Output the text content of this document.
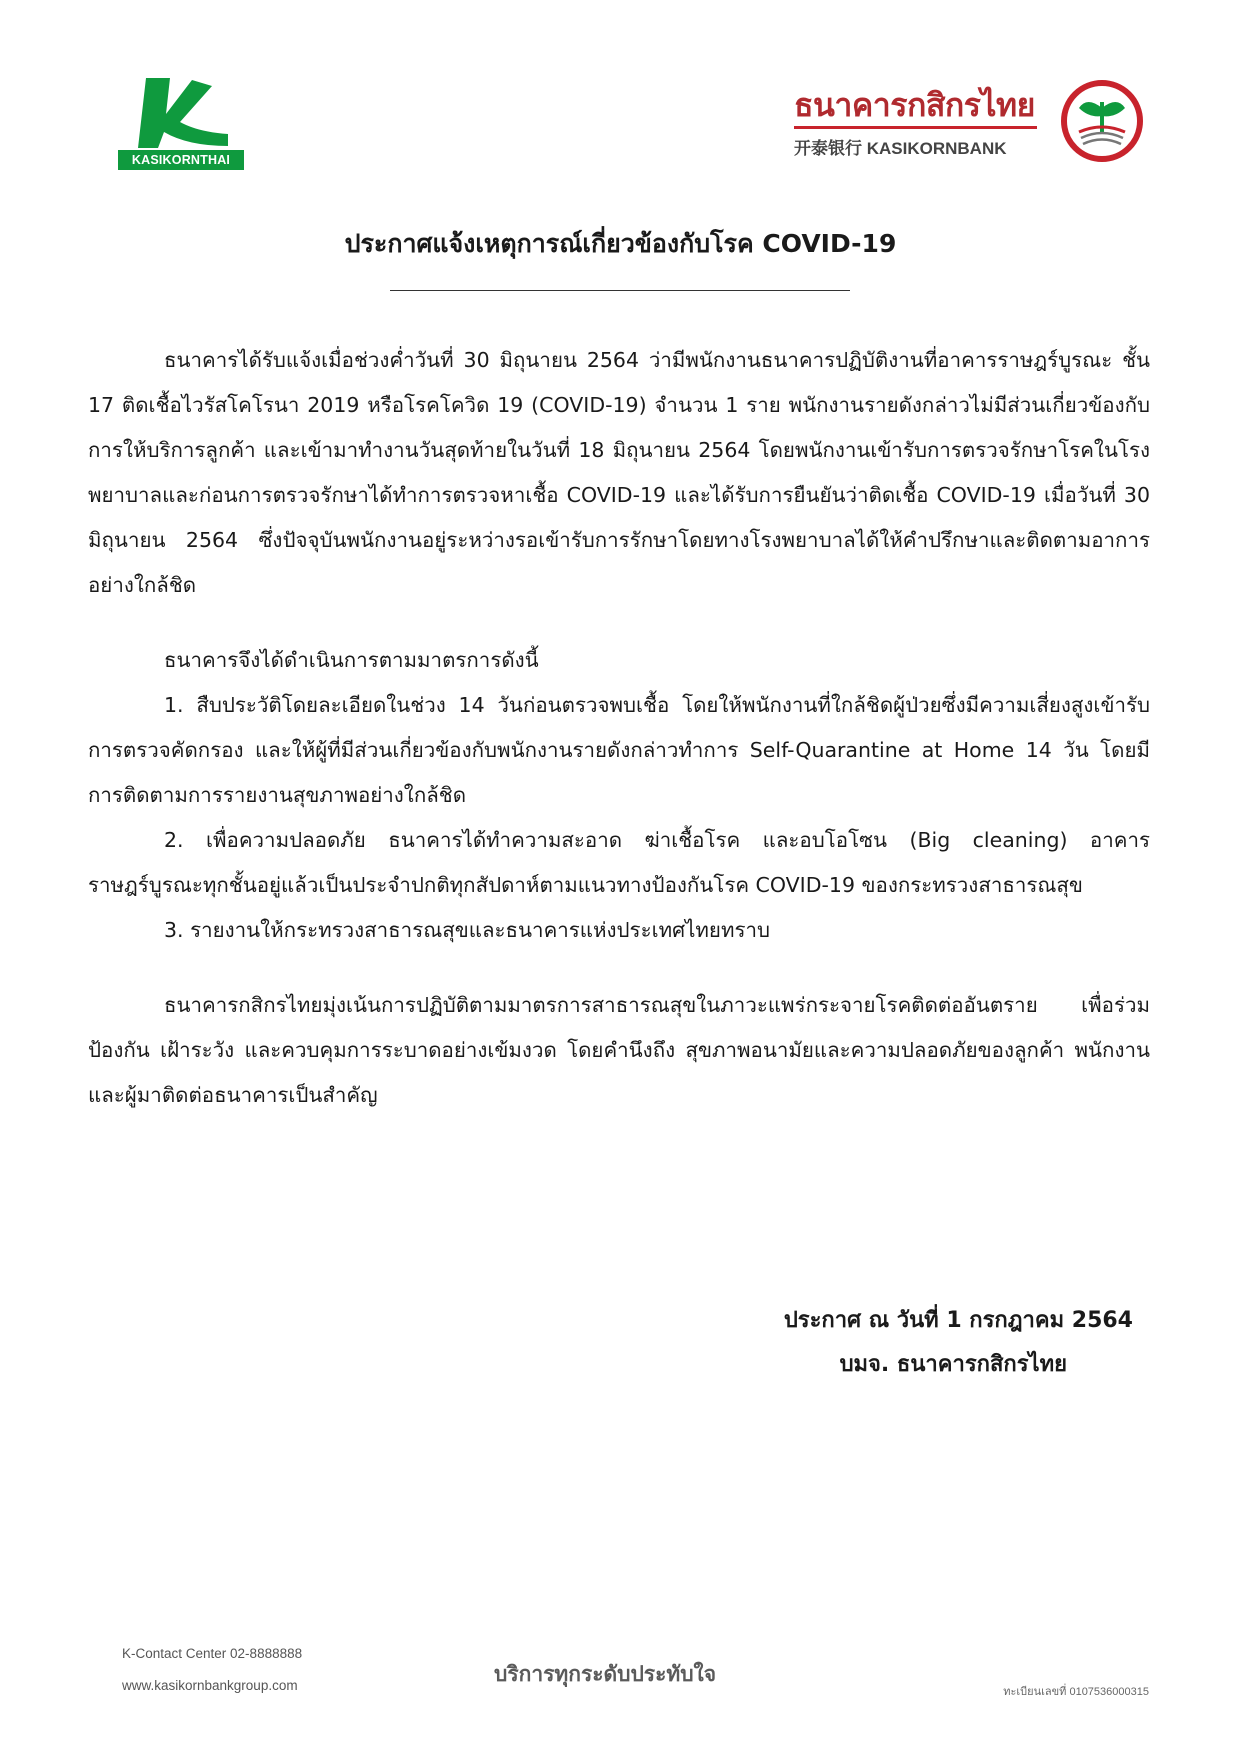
KASIKORNTHAI
ธนาคารกสิกรไทย
开泰银行 KASIKORNBANK
ประกาศแจ้งเหตุการณ์เกี่ยวข้องกับโรค COVID-19

ธนาคารได้รับแจ้งเมื่อช่วงค่ำวันที่ 30 มิถุนายน 2564 ว่ามีพนักงานธนาคารปฏิบัติงานที่อาคารราษฎร์บูรณะ ชั้น 17 ติดเชื้อไวรัสโคโรนา 2019 หรือโรคโควิด 19 (COVID-19) จำนวน 1 ราย พนักงานรายดังกล่าวไม่มีส่วนเกี่ยวข้องกับการให้บริการลูกค้า และเข้ามาทำงานวันสุดท้ายในวันที่ 18 มิถุนายน 2564 โดยพนักงานเข้ารับการตรวจรักษาโรคในโรงพยาบาลและก่อนการตรวจรักษาได้ทำการตรวจหาเชื้อ COVID-19 และได้รับการยืนยันว่าติดเชื้อ COVID-19 เมื่อวันที่ 30 มิถุนายน 2564 ซึ่งปัจจุบันพนักงานอยู่ระหว่างรอเข้ารับการรักษาโดยทางโรงพยาบาลได้ให้คำปรึกษาและติดตามอาการอย่างใกล้ชิด

ธนาคารจึงได้ดำเนินการตามมาตรการดังนี้

1. สืบประวัติโดยละเอียดในช่วง 14 วันก่อนตรวจพบเชื้อ โดยให้พนักงานที่ใกล้ชิดผู้ป่วยซึ่งมีความเสี่ยงสูงเข้ารับการตรวจคัดกรอง และให้ผู้ที่มีส่วนเกี่ยวข้องกับพนักงานรายดังกล่าวทำการ Self-Quarantine at Home 14 วัน โดยมีการติดตามการรายงานสุขภาพอย่างใกล้ชิด

2. เพื่อความปลอดภัย ธนาคารได้ทำความสะอาด ฆ่าเชื้อโรค และอบโอโซน (Big cleaning) อาคารราษฎร์บูรณะทุกชั้นอยู่แล้วเป็นประจำปกติทุกสัปดาห์ตามแนวทางป้องกันโรค COVID-19 ของกระทรวงสาธารณสุข

3. รายงานให้กระทรวงสาธารณสุขและธนาคารแห่งประเทศไทยทราบ

ธนาคารกสิกรไทยมุ่งเน้นการปฏิบัติตามมาตรการสาธารณสุขในภาวะแพร่กระจายโรคติดต่ออันตราย เพื่อร่วมป้องกัน เฝ้าระวัง และควบคุมการระบาดอย่างเข้มงวด โดยคำนึงถึง สุขภาพอนามัยและความปลอดภัยของลูกค้า พนักงาน และผู้มาติดต่อธนาคารเป็นสำคัญ

ประกาศ ณ วันที่ 1 กรกฎาคม 2564
บมจ. ธนาคารกสิกรไทย
K-Contact Center 02-8888888
www.kasikornbankgroup.com	บริการทุกระดับประทับใจ
ทะเบียนเลขที่ 0107536000315
